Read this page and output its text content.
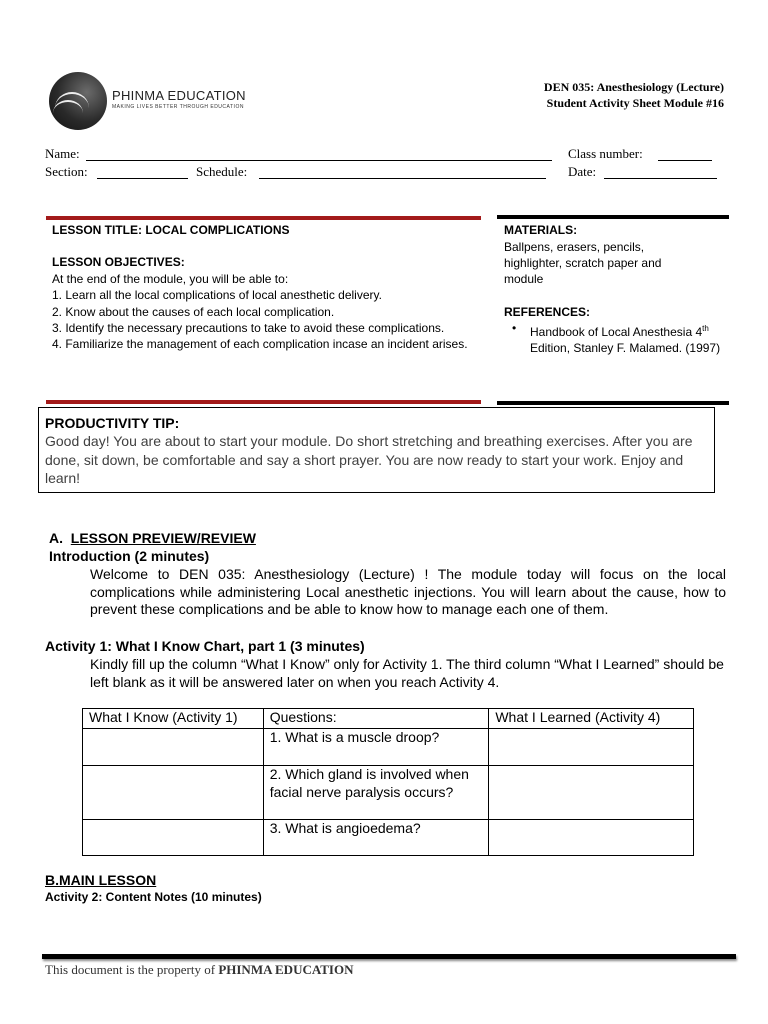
PHINMA EDUCATION
MAKING LIVES BETTER THROUGH EDUCATION
DEN 035: Anesthesiology (Lecture)
Student Activity Sheet Module #16
Name:	Class number:
Section:	Schedule:	Date:
LESSON TITLE: LOCAL COMPLICATIONS
LESSON OBJECTIVES:

At the end of the module, you will be able to:

1. Learn all the local complications of local anesthetic delivery.

2. Know about the causes of each local complication.

3. Identify the necessary precautions to take to avoid these complications.

4. Familiarize the management of each complication incase an incident arises.

MATERIALS:
Ballpens, erasers, pencils, highlighter, scratch paper and module
REFERENCES:
• Handbook of Local Anesthesia 4th Edition, Stanley F. Malamed. (1997)
PRODUCTIVITY TIP:
Good day! You are about to start your module. Do short stretching and breathing exercises. After you are done, sit down, be comfortable and say a short prayer. You are now ready to start your work. Enjoy and learn!
A. LESSON PREVIEW/REVIEW
Introduction (2 minutes)
Welcome to DEN 035: Anesthesiology (Lecture) ! The module today will focus on the local complications while administering Local anesthetic injections. You will learn about the cause, how to prevent these complications and be able to know how to manage each one of them.
Activity 1: What I Know Chart, part 1 (3 minutes)
Kindly fill up the column “What I Know” only for Activity 1. The third column “What I Learned” should be left blank as it will be answered later on when you reach Activity 4.
What I Know (Activity 1)	Questions:	What I Learned (Activity 4)
	1. What is a muscle droop?	
	2. Which gland is involved when facial nerve paralysis occurs?	
	3. What is angioedema?	
B.MAIN LESSON
Activity 2: Content Notes (10 minutes)
This document is the property of PHINMA EDUCATION
